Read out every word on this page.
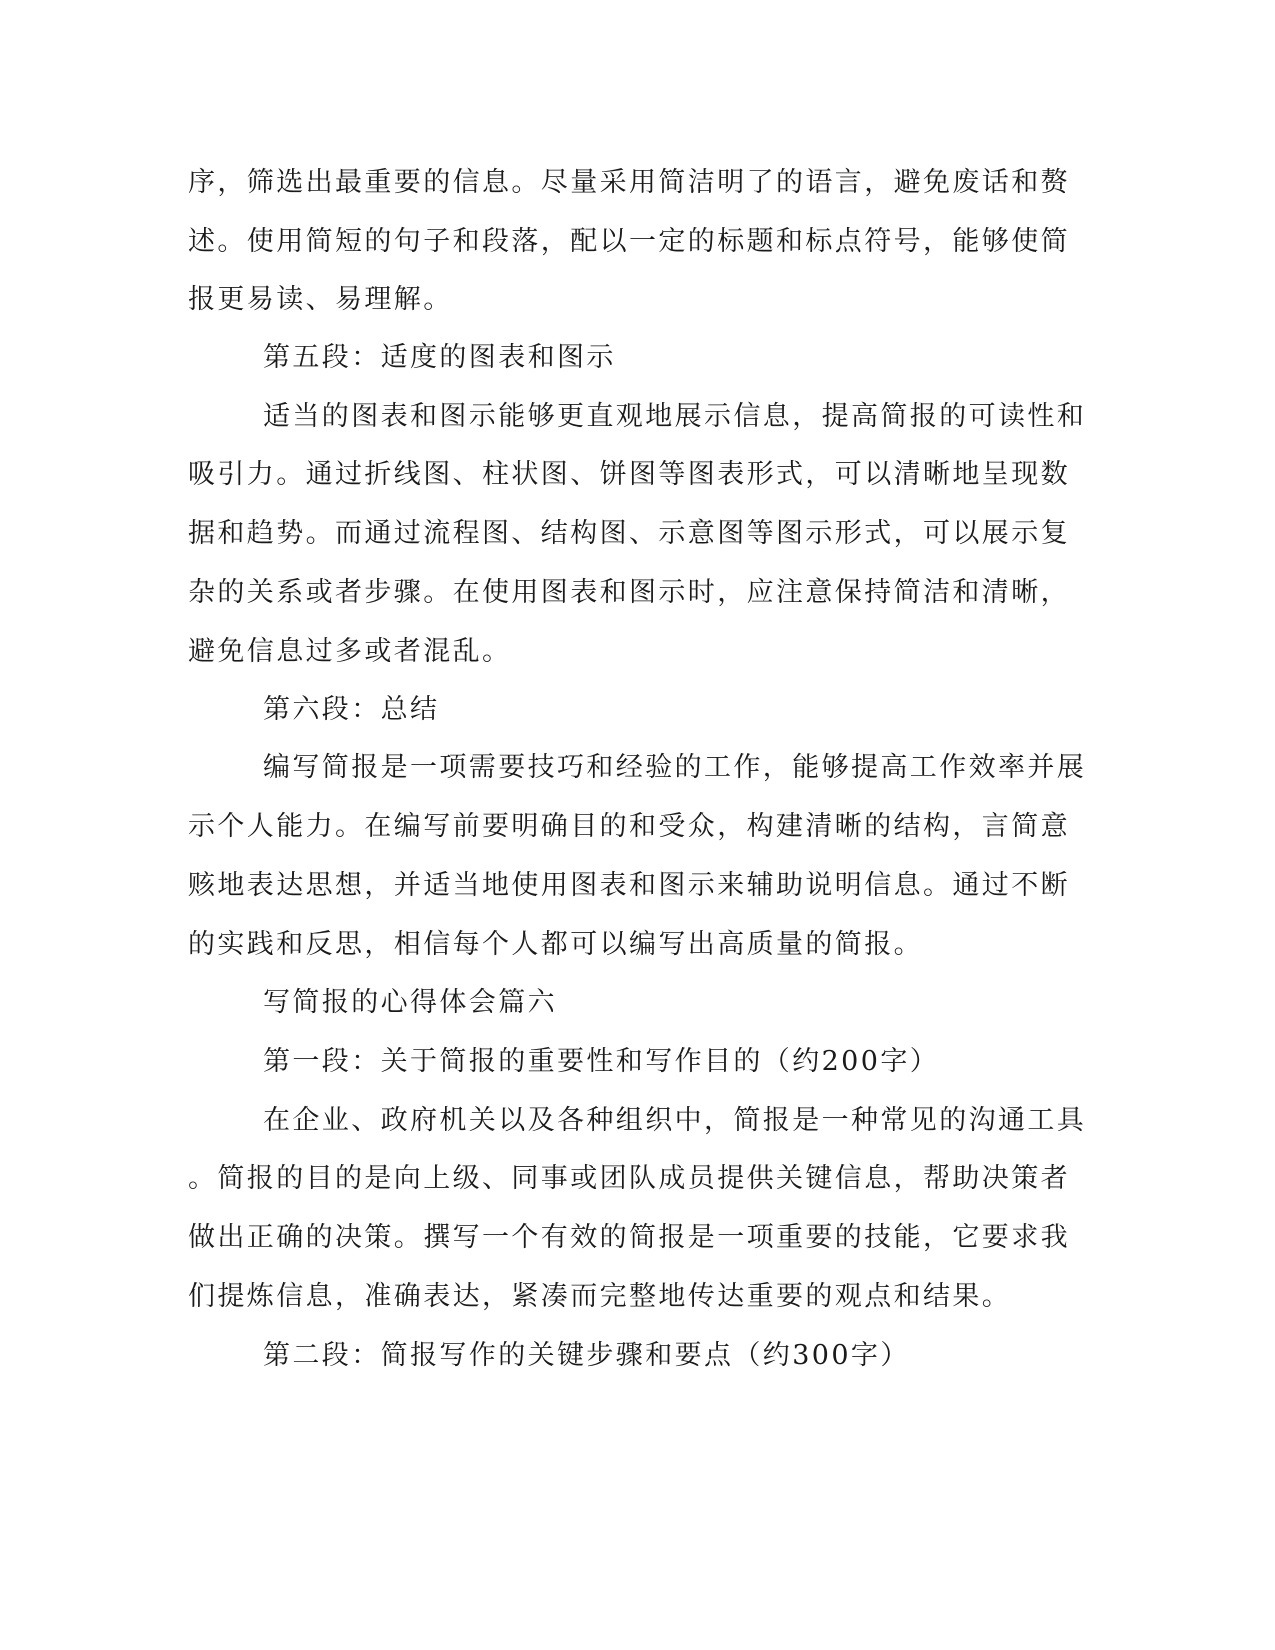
序，筛选出最重要的信息。尽量采用简洁明了的语言，避免废话和赘
述。使用简短的句子和段落，配以一定的标题和标点符号，能够使简
报更易读、易理解。
第五段：适度的图表和图示
适当的图表和图示能够更直观地展示信息，提高简报的可读性和
吸引力。通过折线图、柱状图、饼图等图表形式，可以清晰地呈现数
据和趋势。而通过流程图、结构图、示意图等图示形式，可以展示复
杂的关系或者步骤。在使用图表和图示时，应注意保持简洁和清晰，
避免信息过多或者混乱。
第六段：总结
编写简报是一项需要技巧和经验的工作，能够提高工作效率并展
示个人能力。在编写前要明确目的和受众，构建清晰的结构，言简意
赅地表达思想，并适当地使用图表和图示来辅助说明信息。通过不断
的实践和反思，相信每个人都可以编写出高质量的简报。
写简报的心得体会篇六
第一段：关于简报的重要性和写作目的（约200字）
在企业、政府机关以及各种组织中，简报是一种常见的沟通工具
。简报的目的是向上级、同事或团队成员提供关键信息，帮助决策者
做出正确的决策。撰写一个有效的简报是一项重要的技能，它要求我
们提炼信息，准确表达，紧凑而完整地传达重要的观点和结果。
第二段：简报写作的关键步骤和要点（约300字）
